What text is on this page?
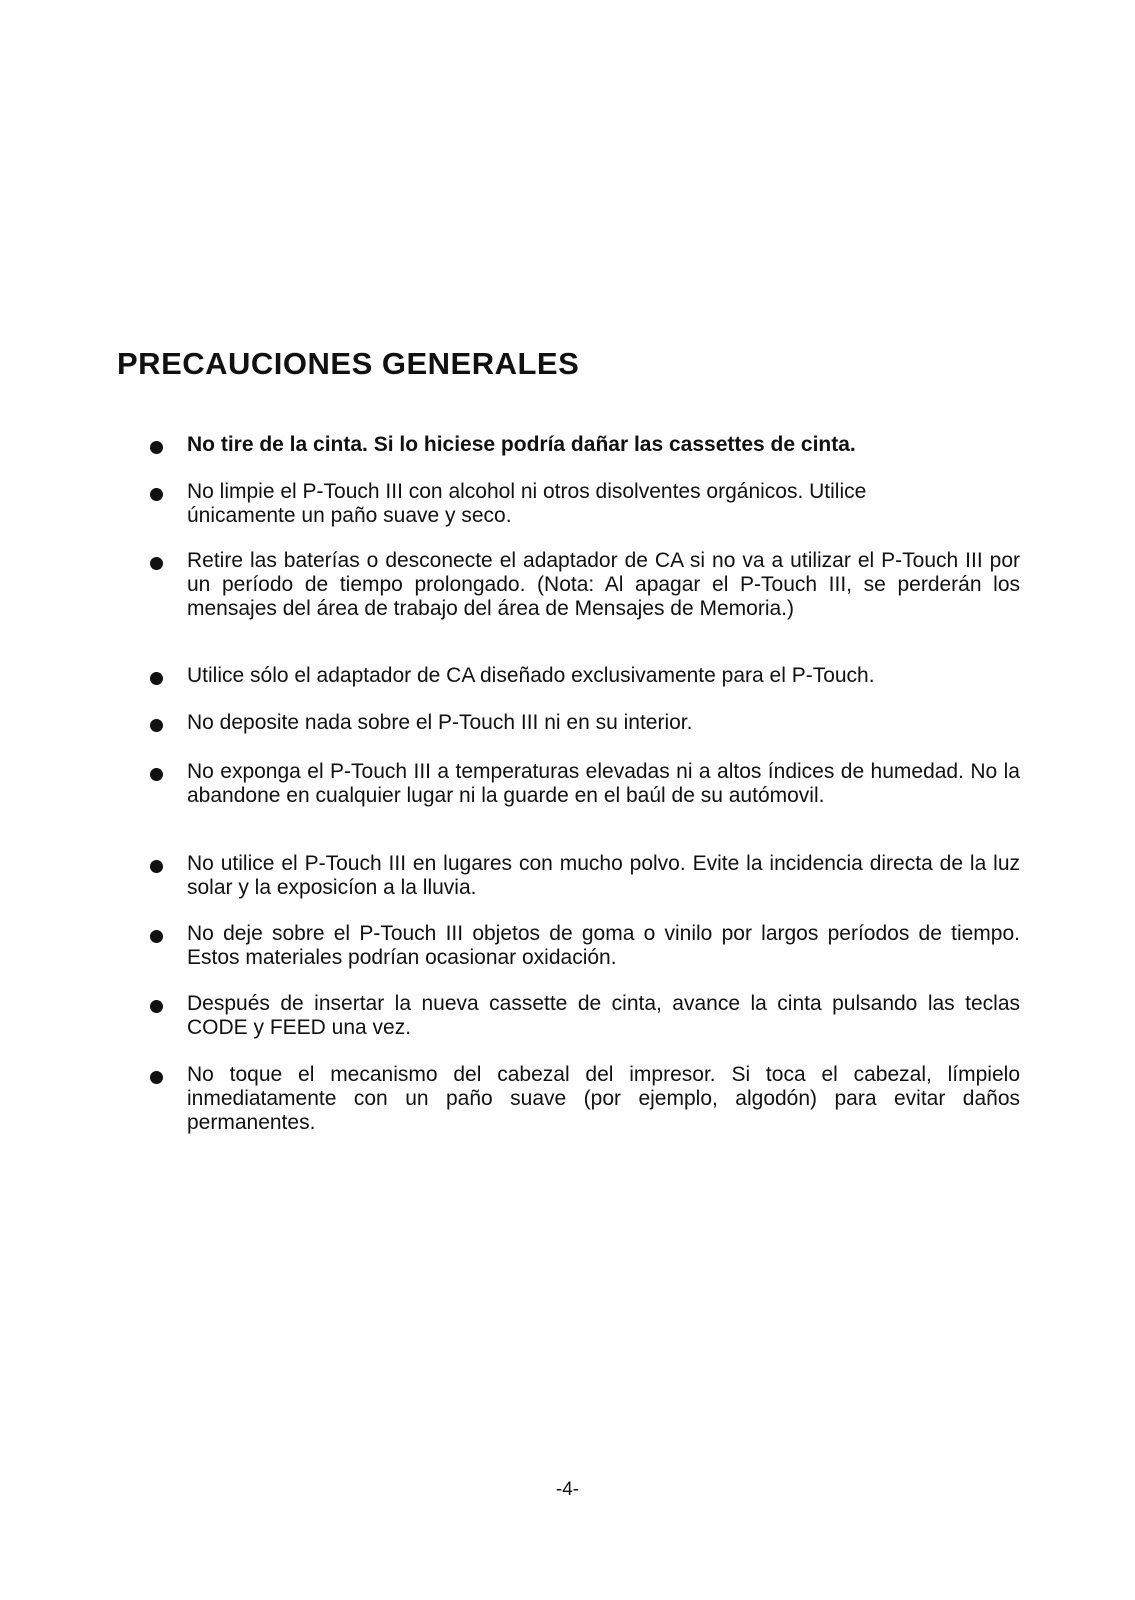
PRECAUCIONES GENERALES
No tire de la cinta. Si lo hiciese podría dañar las cassettes de cinta.
No limpie el P-Touch III con alcohol ni otros disolventes orgánicos. Utilice únicamente un paño suave y seco.
Retire las baterías o desconecte el adaptador de CA si no va a utilizar el P-Touch III por un período de tiempo prolongado. (Nota: Al apagar el P-Touch III, se perderán los mensajes del área de trabajo del área de Mensajes de Memoria.)
Utilice sólo el adaptador de CA diseñado exclusivamente para el P-Touch.
No deposite nada sobre el P-Touch III ni en su interior.
No exponga el P-Touch III a temperaturas elevadas ni a altos índices de humedad. No la abandone en cualquier lugar ni la guarde en el baúl de su autómovil.
No utilice el P-Touch III en lugares con mucho polvo. Evite la incidencia directa de la luz solar y la exposicíon a la lluvia.
No deje sobre el P-Touch III objetos de goma o vinilo por largos períodos de tiempo. Estos materiales podrían ocasionar oxidación.
Después de insertar la nueva cassette de cinta, avance la cinta pulsando las teclas CODE y FEED una vez.
No toque el mecanismo del cabezal del impresor. Si toca el cabezal, límpielo inmediatamente con un paño suave (por ejemplo, algodón) para evitar daños permanentes.
-4-
